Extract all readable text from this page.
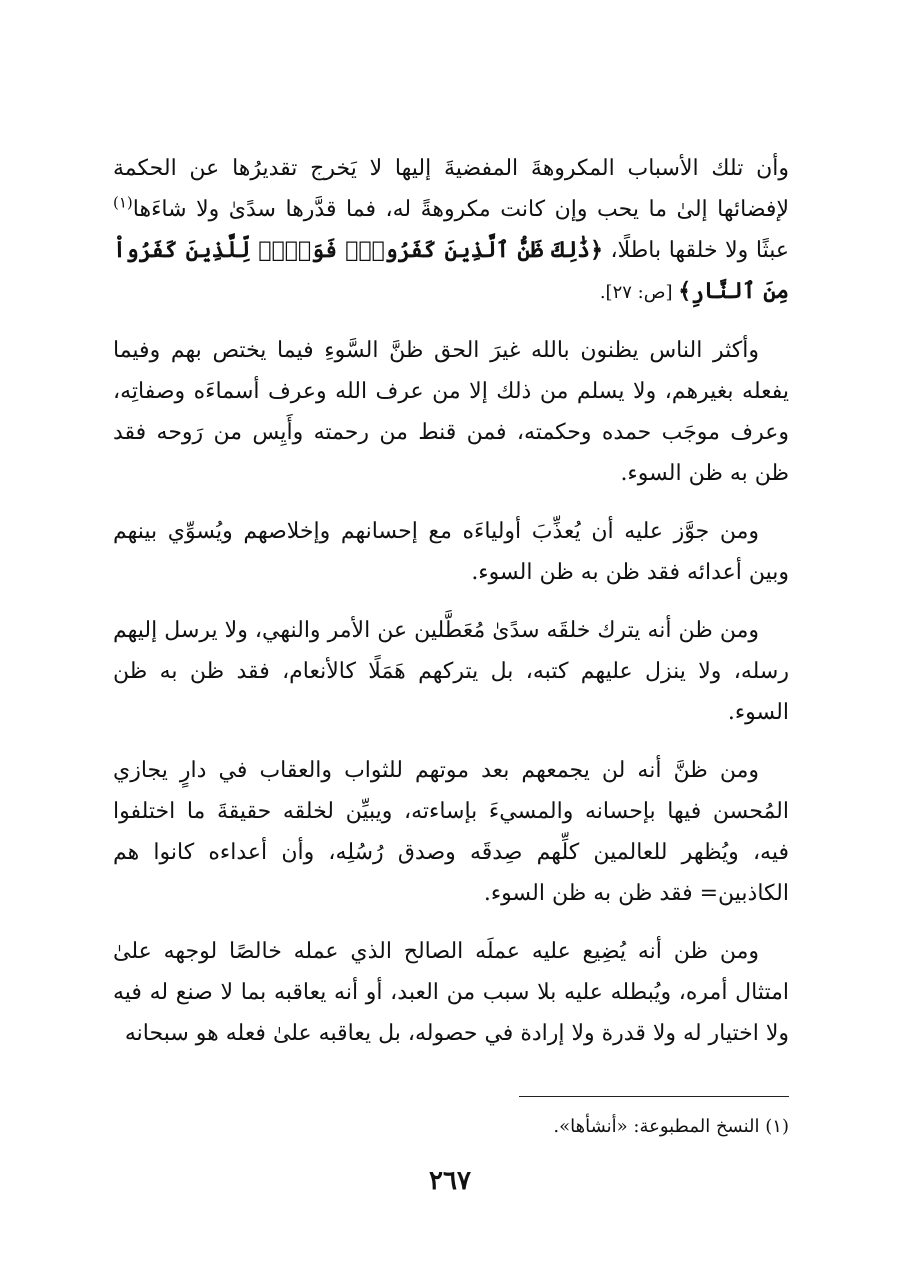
وأن تلك الأسباب المكروهةَ المفضيةَ إليها لا يَخرج تقديرُها عن الحكمة لإفضائها إلىٰ ما يحب وإن كانت مكروهةً له، فما قدَّرها سدًىٰ ولا شاءَها$^{(١)}$ عبثًا ولا خلقها باطلًا، ﴿ذَٰلِكَ ظَنُّ ٱلَّذِينَ كَفَرُواْۚ فَوَيۡلٞ لِّلَّذِينَ كَفَرُواْ مِنَ ٱلنَّارِ﴾ [ص: ٢٧].

وأكثر الناس يظنون بالله غيرَ الحق ظنَّ السَّوءِ فيما يختص بهم وفيما يفعله بغيرهم، ولا يسلم من ذلك إلا من عرف الله وعرف أسماءَه وصفاتِه، وعرف موجَب حمده وحكمته، فمن قنط من رحمته وأَيِس من رَوحه فقد ظن به ظن السوء.

ومن جوَّز عليه أن يُعذِّبَ أولياءَه مع إحسانهم وإخلاصهم ويُسوِّي بينهم وبين أعدائه فقد ظن به ظن السوء.

ومن ظن أنه يترك خلقَه سدًىٰ مُعَطَّلين عن الأمر والنهي، ولا يرسل إليهم رسله، ولا ينزل عليهم كتبه، بل يتركهم هَمَلًا كالأنعام، فقد ظن به ظن السوء.

ومن ظنَّ أنه لن يجمعهم بعد موتهم للثواب والعقاب في دارٍ يجازي المُحسن فيها بإحسانه والمسيءَ بإساءته، ويبيِّن لخلقه حقيقةَ ما اختلفوا فيه، ويُظهر للعالمين كلِّهم صِدقَه وصدق رُسُلِه، وأن أعداءه كانوا هم الكاذبين= فقد ظن به ظن السوء.

ومن ظن أنه يُضِيع عليه عملَه الصالح الذي عمله خالصًا لوجهه علىٰ امتثال أمره، ويُبطله عليه بلا سبب من العبد، أو أنه يعاقبه بما لا صنع له فيه ولا اختيار له ولا قدرة ولا إرادة في حصوله، بل يعاقبه علىٰ فعله هو سبحانه

(١) النسخ المطبوعة: «أنشأها».
٢٦٧
